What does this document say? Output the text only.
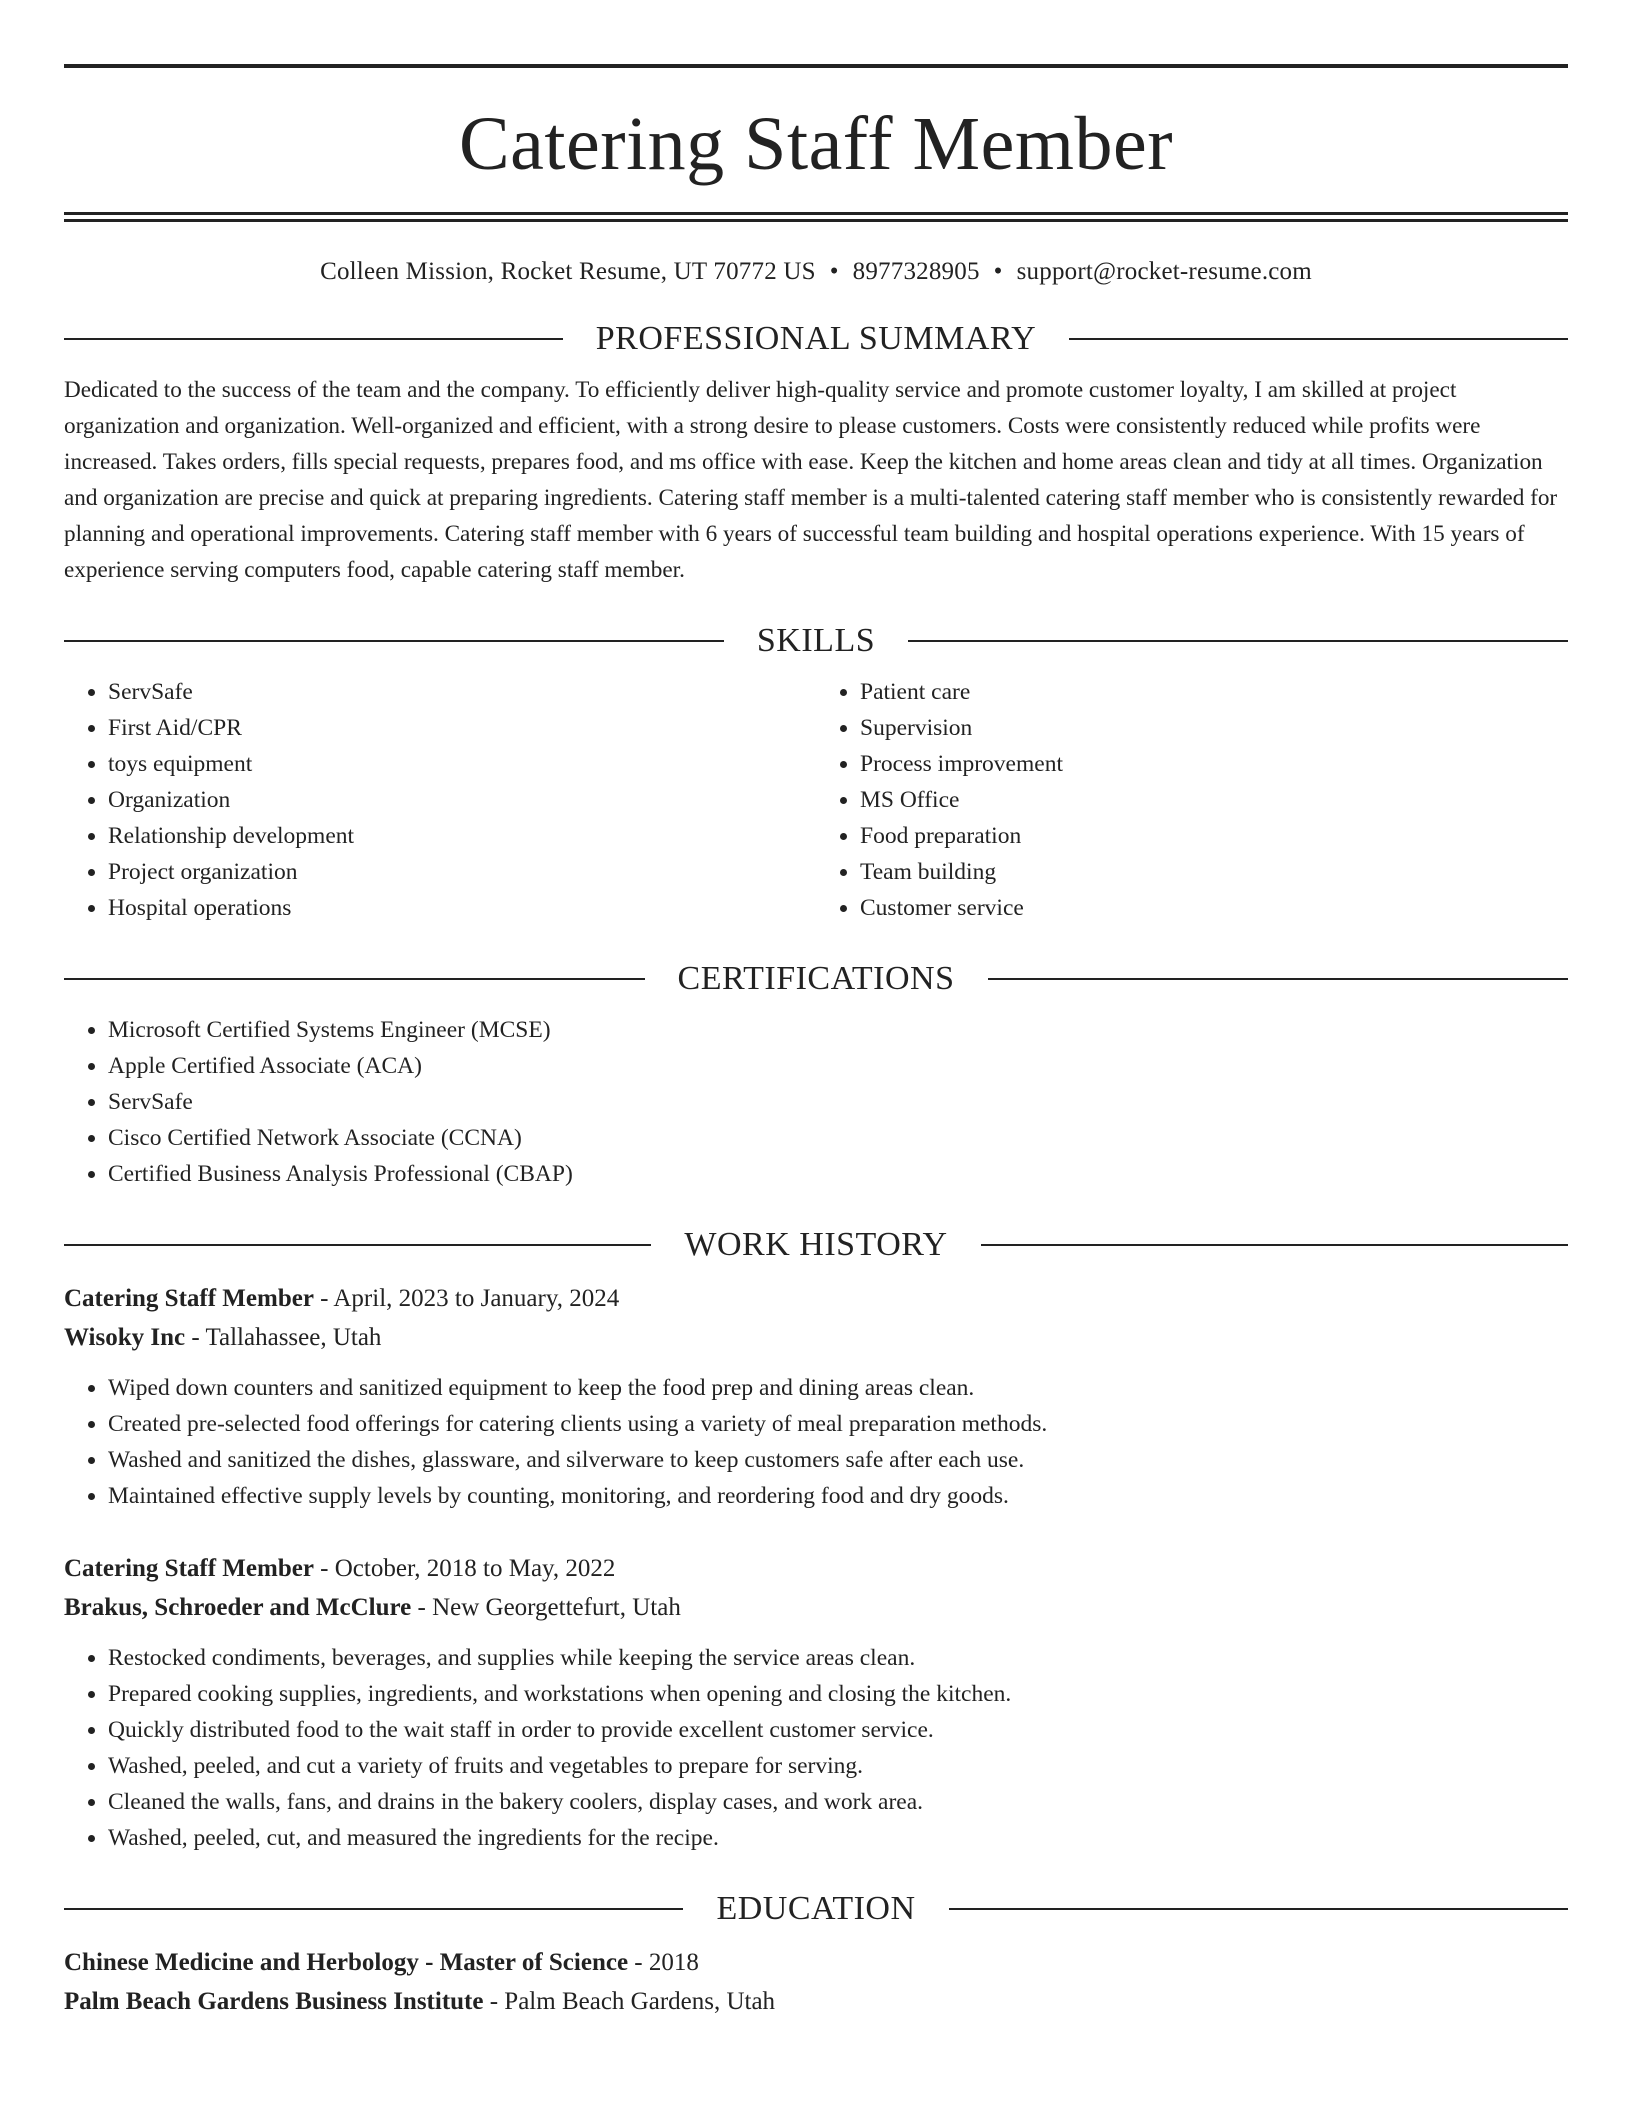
Catering Staff Member
Colleen Mission, Rocket Resume, UT 70772 US • 8977328905 • support@rocket-resume.com
PROFESSIONAL SUMMARY
Dedicated to the success of the team and the company. To efficiently deliver high-quality service and promote customer loyalty, I am skilled at project organization and organization. Well-organized and efficient, with a strong desire to please customers. Costs were consistently reduced while profits were increased. Takes orders, fills special requests, prepares food, and ms office with ease. Keep the kitchen and home areas clean and tidy at all times. Organization and organization are precise and quick at preparing ingredients. Catering staff member is a multi-talented catering staff member who is consistently rewarded for planning and operational improvements. Catering staff member with 6 years of successful team building and hospital operations experience. With 15 years of experience serving computers food, capable catering staff member.
SKILLS
• ServSafe
• First Aid/CPR
• toys equipment
• Organization
• Relationship development
• Project organization
• Hospital operations
• Patient care
• Supervision
• Process improvement
• MS Office
• Food preparation
• Team building
• Customer service
CERTIFICATIONS
• Microsoft Certified Systems Engineer (MCSE)
• Apple Certified Associate (ACA)
• ServSafe
• Cisco Certified Network Associate (CCNA)
• Certified Business Analysis Professional (CBAP)
WORK HISTORY
Catering Staff Member - April, 2023 to January, 2024
Wisoky Inc - Tallahassee, Utah
• Wiped down counters and sanitized equipment to keep the food prep and dining areas clean.
• Created pre-selected food offerings for catering clients using a variety of meal preparation methods.
• Washed and sanitized the dishes, glassware, and silverware to keep customers safe after each use.
• Maintained effective supply levels by counting, monitoring, and reordering food and dry goods.
Catering Staff Member - October, 2018 to May, 2022
Brakus, Schroeder and McClure - New Georgettefurt, Utah
• Restocked condiments, beverages, and supplies while keeping the service areas clean.
• Prepared cooking supplies, ingredients, and workstations when opening and closing the kitchen.
• Quickly distributed food to the wait staff in order to provide excellent customer service.
• Washed, peeled, and cut a variety of fruits and vegetables to prepare for serving.
• Cleaned the walls, fans, and drains in the bakery coolers, display cases, and work area.
• Washed, peeled, cut, and measured the ingredients for the recipe.
EDUCATION
Chinese Medicine and Herbology - Master of Science - 2018
Palm Beach Gardens Business Institute - Palm Beach Gardens, Utah
